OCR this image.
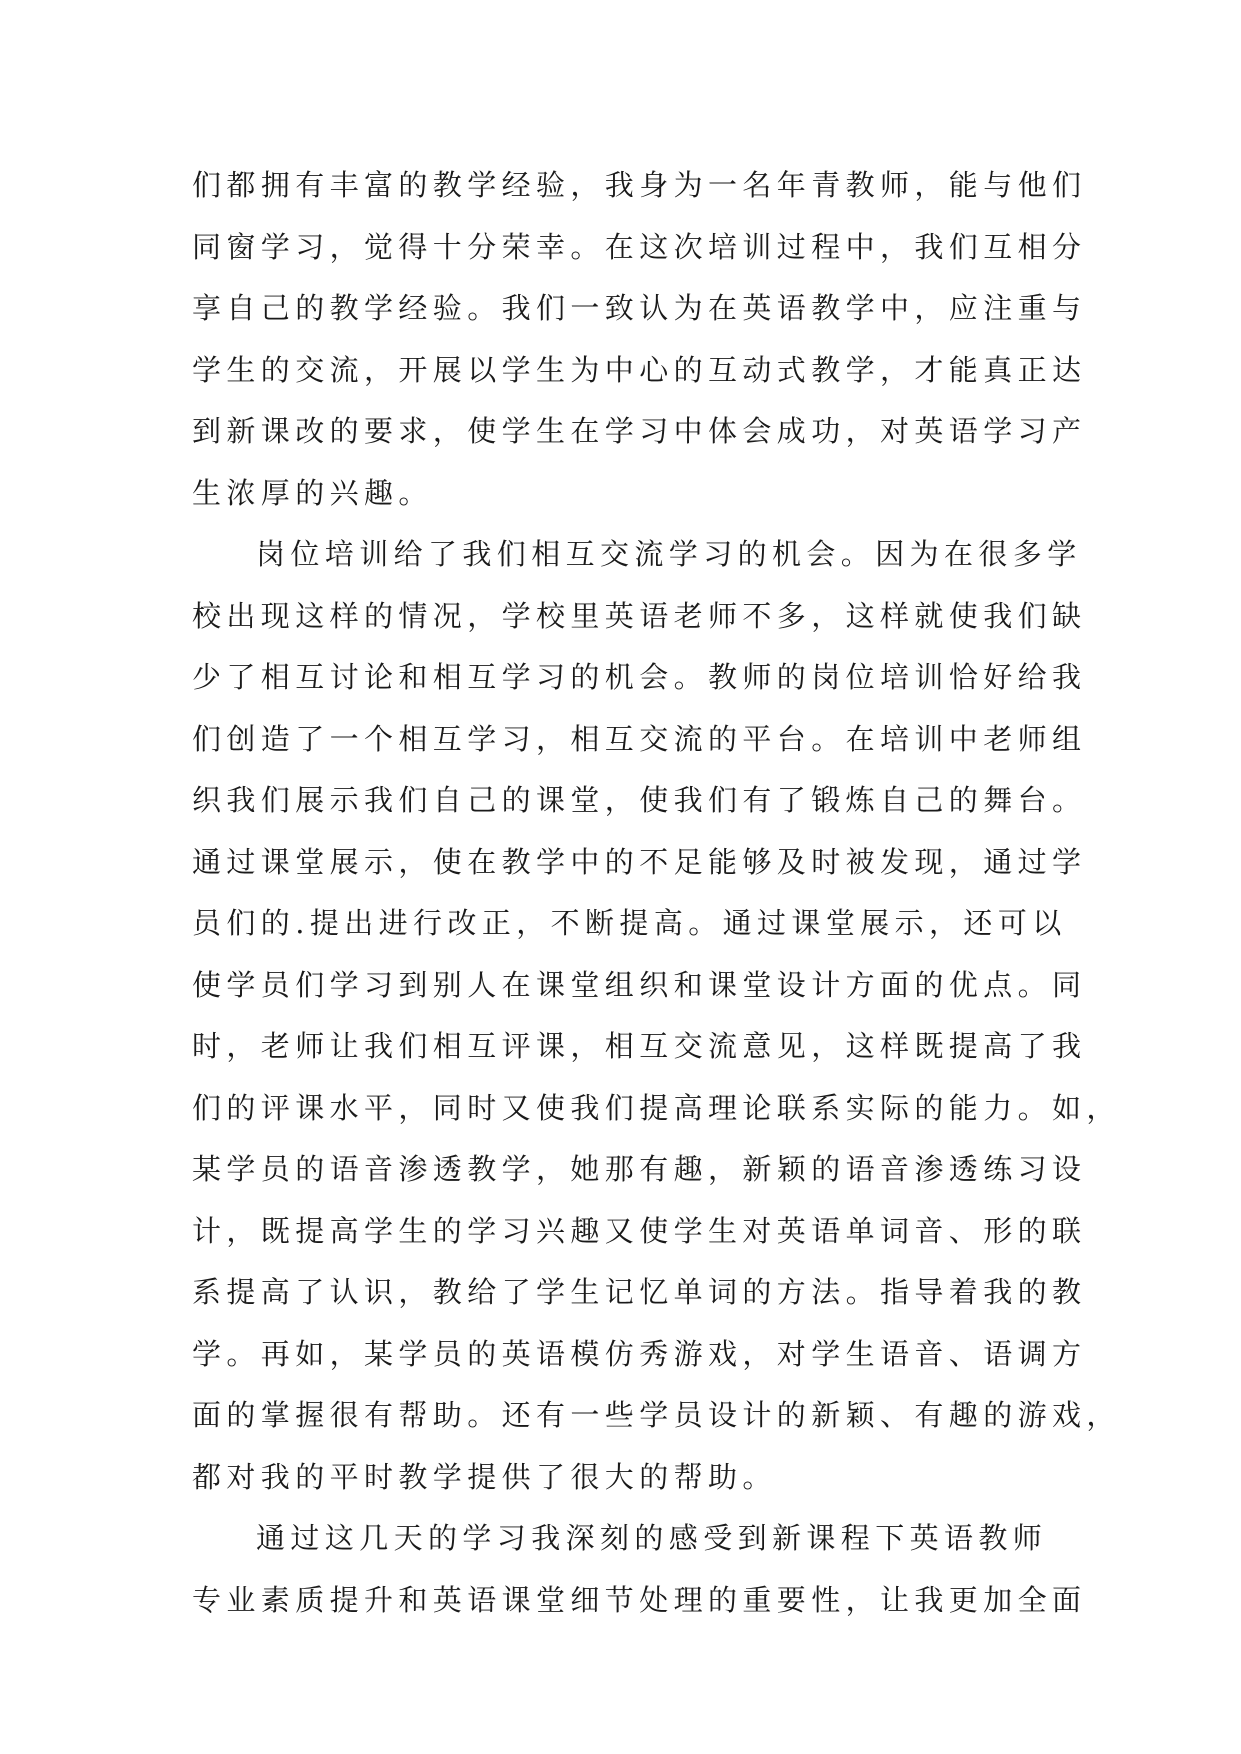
们都拥有丰富的教学经验，我身为一名年青教师，能与他们
同窗学习，觉得十分荣幸。在这次培训过程中，我们互相分
享自己的教学经验。我们一致认为在英语教学中，应注重与
学生的交流，开展以学生为中心的互动式教学，才能真正达
到新课改的要求，使学生在学习中体会成功，对英语学习产
生浓厚的兴趣。
岗位培训给了我们相互交流学习的机会。因为在很多学
校出现这样的情况，学校里英语老师不多，这样就使我们缺
少了相互讨论和相互学习的机会。教师的岗位培训恰好给我
们创造了一个相互学习，相互交流的平台。在培训中老师组
织我们展示我们自己的课堂，使我们有了锻炼自己的舞台。
通过课堂展示，使在教学中的不足能够及时被发现，通过学
员们的.提出进行改正，不断提高。通过课堂展示，还可以
使学员们学习到别人在课堂组织和课堂设计方面的优点。同
时，老师让我们相互评课，相互交流意见，这样既提高了我
们的评课水平，同时又使我们提高理论联系实际的能力。如，
某学员的语音渗透教学，她那有趣，新颖的语音渗透练习设
计，既提高学生的学习兴趣又使学生对英语单词音、形的联
系提高了认识，教给了学生记忆单词的方法。指导着我的教
学。再如，某学员的英语模仿秀游戏，对学生语音、语调方
面的掌握很有帮助。还有一些学员设计的新颖、有趣的游戏，
都对我的平时教学提供了很大的帮助。
通过这几天的学习我深刻的感受到新课程下英语教师
专业素质提升和英语课堂细节处理的重要性，让我更加全面
